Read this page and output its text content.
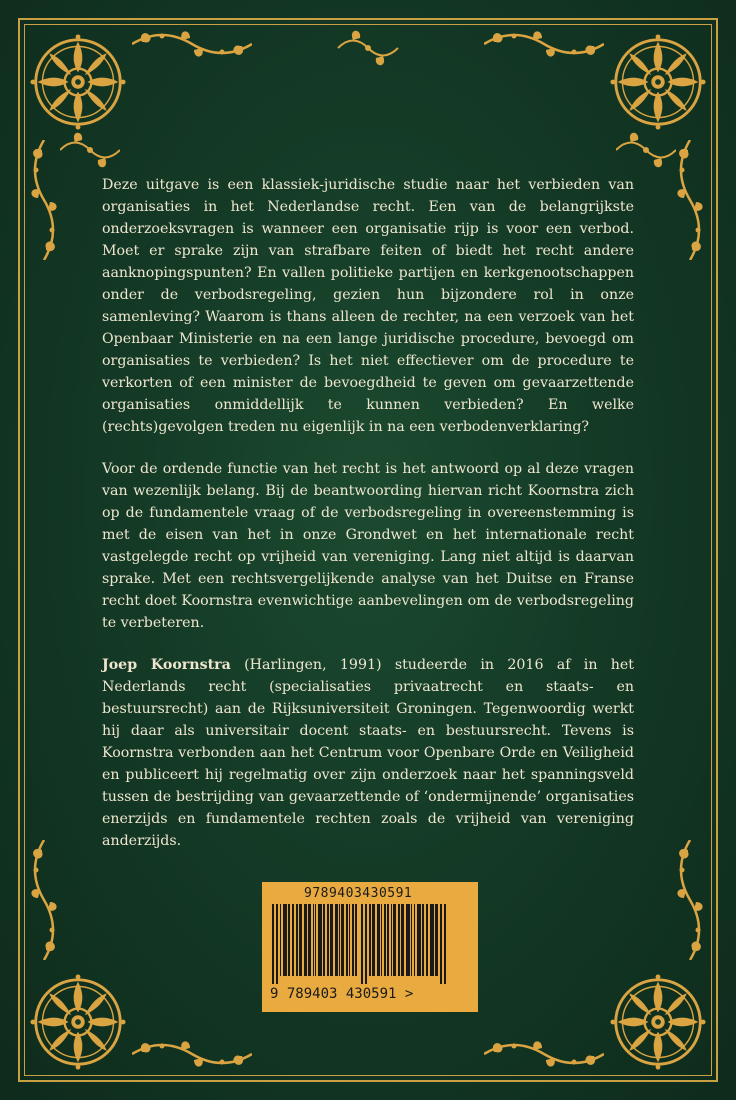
Deze uitgave is een klassiek-juridische studie naar het verbieden van organisaties in het Nederlandse recht. Een van de belangrijkste onderzoeksvragen is wanneer een organisatie rijp is voor een verbod. Moet er sprake zijn van strafbare feiten of biedt het recht andere aanknopingspunten? En vallen politieke partijen en kerkgenootschappen onder de verbodsregeling, gezien hun bijzondere rol in onze samenleving? Waarom is thans alleen de rechter, na een verzoek van het Openbaar Ministerie en na een lange juridische procedure, bevoegd om organisaties te verbieden? Is het niet effectiever om de procedure te verkorten of een minister de bevoegdheid te geven om gevaarzettende organisaties onmiddellijk te kunnen verbieden? En welke (rechts)gevolgen treden nu eigenlijk in na een verbodenverklaring?

Voor de ordende functie van het recht is het antwoord op al deze vragen van wezenlijk belang. Bij de beantwoording hiervan richt Koornstra zich op de fundamentele vraag of de verbodsregeling in overeenstemming is met de eisen van het in onze Grondwet en het internationale recht vastgelegde recht op vrijheid van vereniging. Lang niet altijd is daarvan sprake. Met een rechtsvergelijkende analyse van het Duitse en Franse recht doet Koornstra evenwichtige aanbevelingen om de verbodsregeling te verbeteren.

Joep Koornstra (Harlingen, 1991) studeerde in 2016 af in het Nederlands recht (specialisaties privaatrecht en staats- en bestuursrecht) aan de Rijksuniversiteit Groningen. Tegenwoordig werkt hij daar als universitair docent staats- en bestuursrecht. Tevens is Koornstra verbonden aan het Centrum voor Openbare Orde en Veiligheid en publiceert hij regelmatig over zijn onderzoek naar het spanningsveld tussen de bestrijding van gevaarzettende of ‘ondermijnende’ organisaties enerzijds en fundamentele rechten zoals de vrijheid van vereniging anderzijds.

9789403430591
9 789403 430591 >
